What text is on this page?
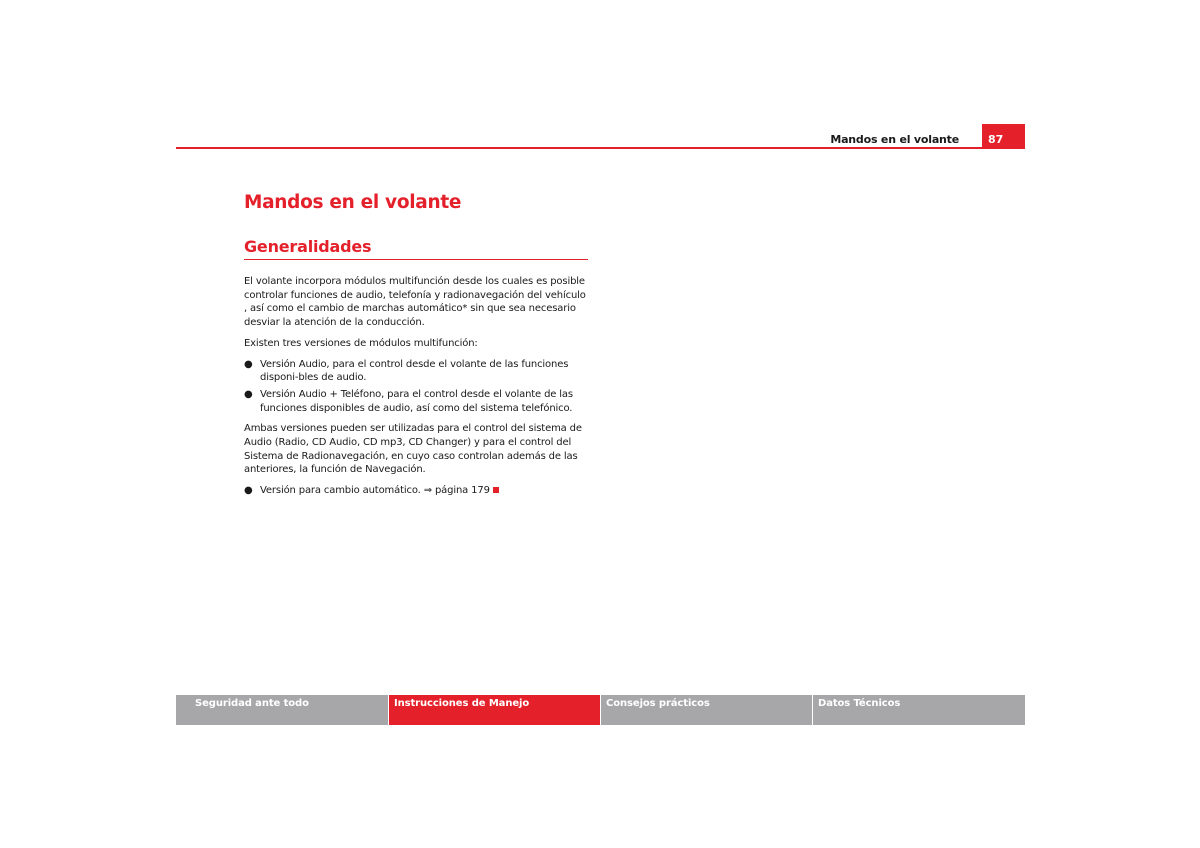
Mandos en el volante	87
Mandos en el volante
Generalidades

El volante incorpora módulos multifunción desde los cuales es posible controlar funciones de audio, telefonía y radionavegación del vehículo , así como el cambio de marchas automático* sin que sea necesario desviar la atención de la conducción.

Existen tres versiones de módulos multifunción:

● Versión Audio, para el control desde el volante de las funciones disponi-bles de audio.
● Versión Audio + Teléfono, para el control desde el volante de las funciones disponibles de audio, así como del sistema telefónico.

Ambas versiones pueden ser utilizadas para el control del sistema de Audio (Radio, CD Audio, CD mp3, CD Changer) y para el control del Sistema de Radionavegación, en cuyo caso controlan además de las anteriores, la función de Navegación.

● Versión para cambio automático. ⇒ página 179
Seguridad ante todo	Instrucciones de Manejo	Consejos prácticos	Datos Técnicos
